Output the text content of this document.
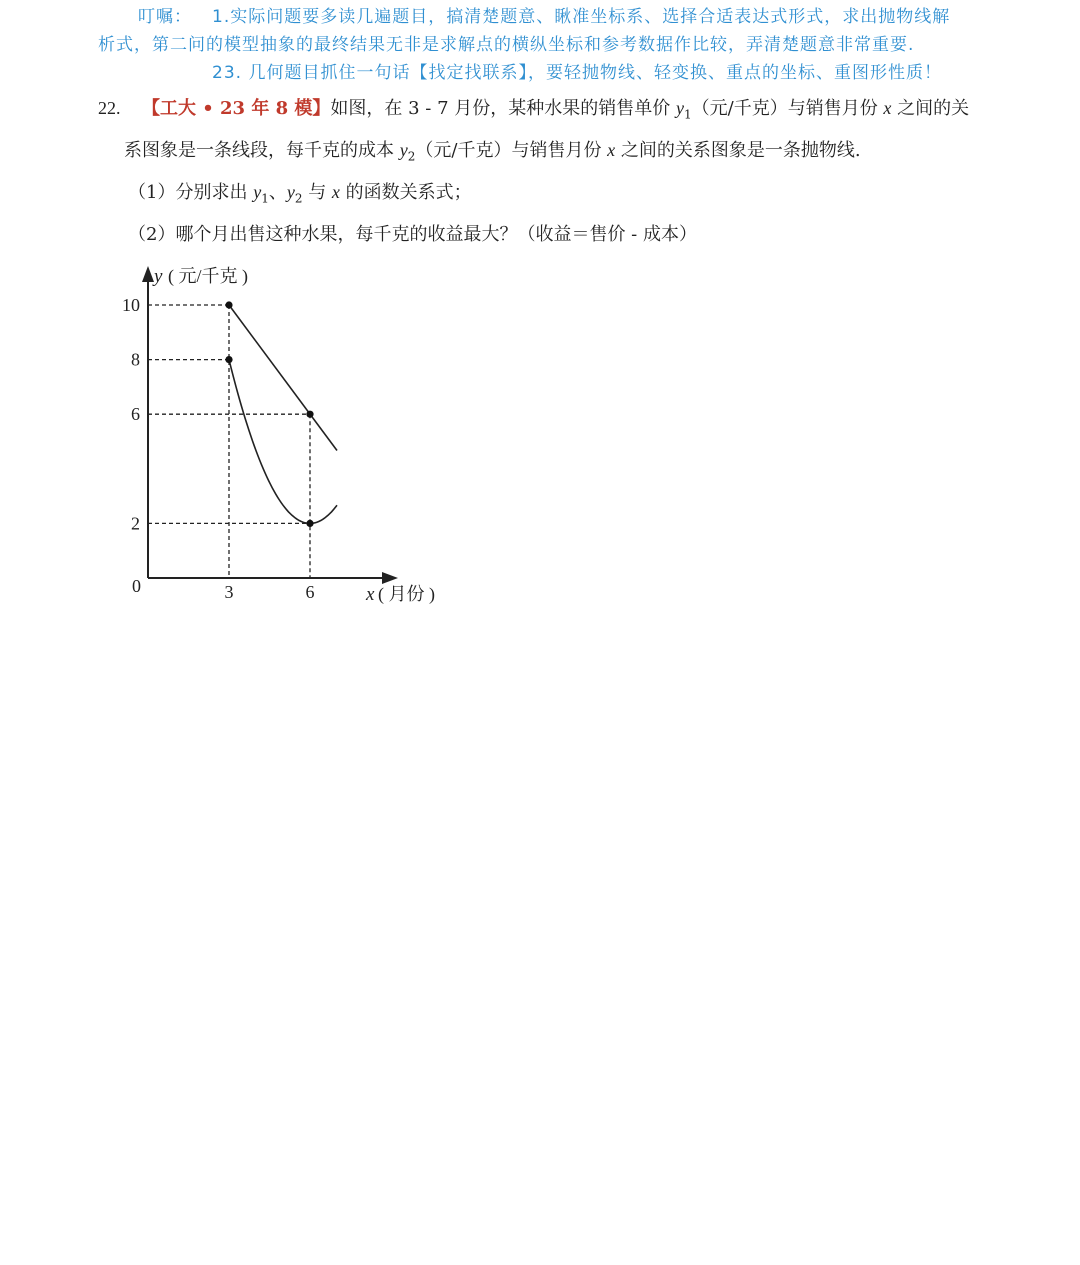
叮嘱： 1.实际问题要多读几遍题目，搞清楚题意、瞅准坐标系、选择合适表达式形式，求出抛物线解
析式，第二问的模型抽象的最终结果无非是求解点的横纵坐标和参考数据作比较，弄清楚题意非常重要.
23. 几何题目抓住一句话【找定找联系】，要轻抛物线、轻变换、重点的坐标、重图形性质！
22. 【工大 • 23 年 8 模】如图，在 3 - 7 月份，某种水果的销售单价 $y_1$（元/千克）与销售月份 x 之间的关
系图象是一条线段，每千克的成本 $y_2$（元/千克）与销售月份 x 之间的关系图象是一条抛物线.
（1）分别求出 $y_1$、$y_2$ 与 x 的函数关系式；
（2）哪个月出售这种水果，每千克的收益最大？（收益＝售价 - 成本）
y ( 元/千克 )
x ( 月份 )
0
2
6
8
10
3	6
